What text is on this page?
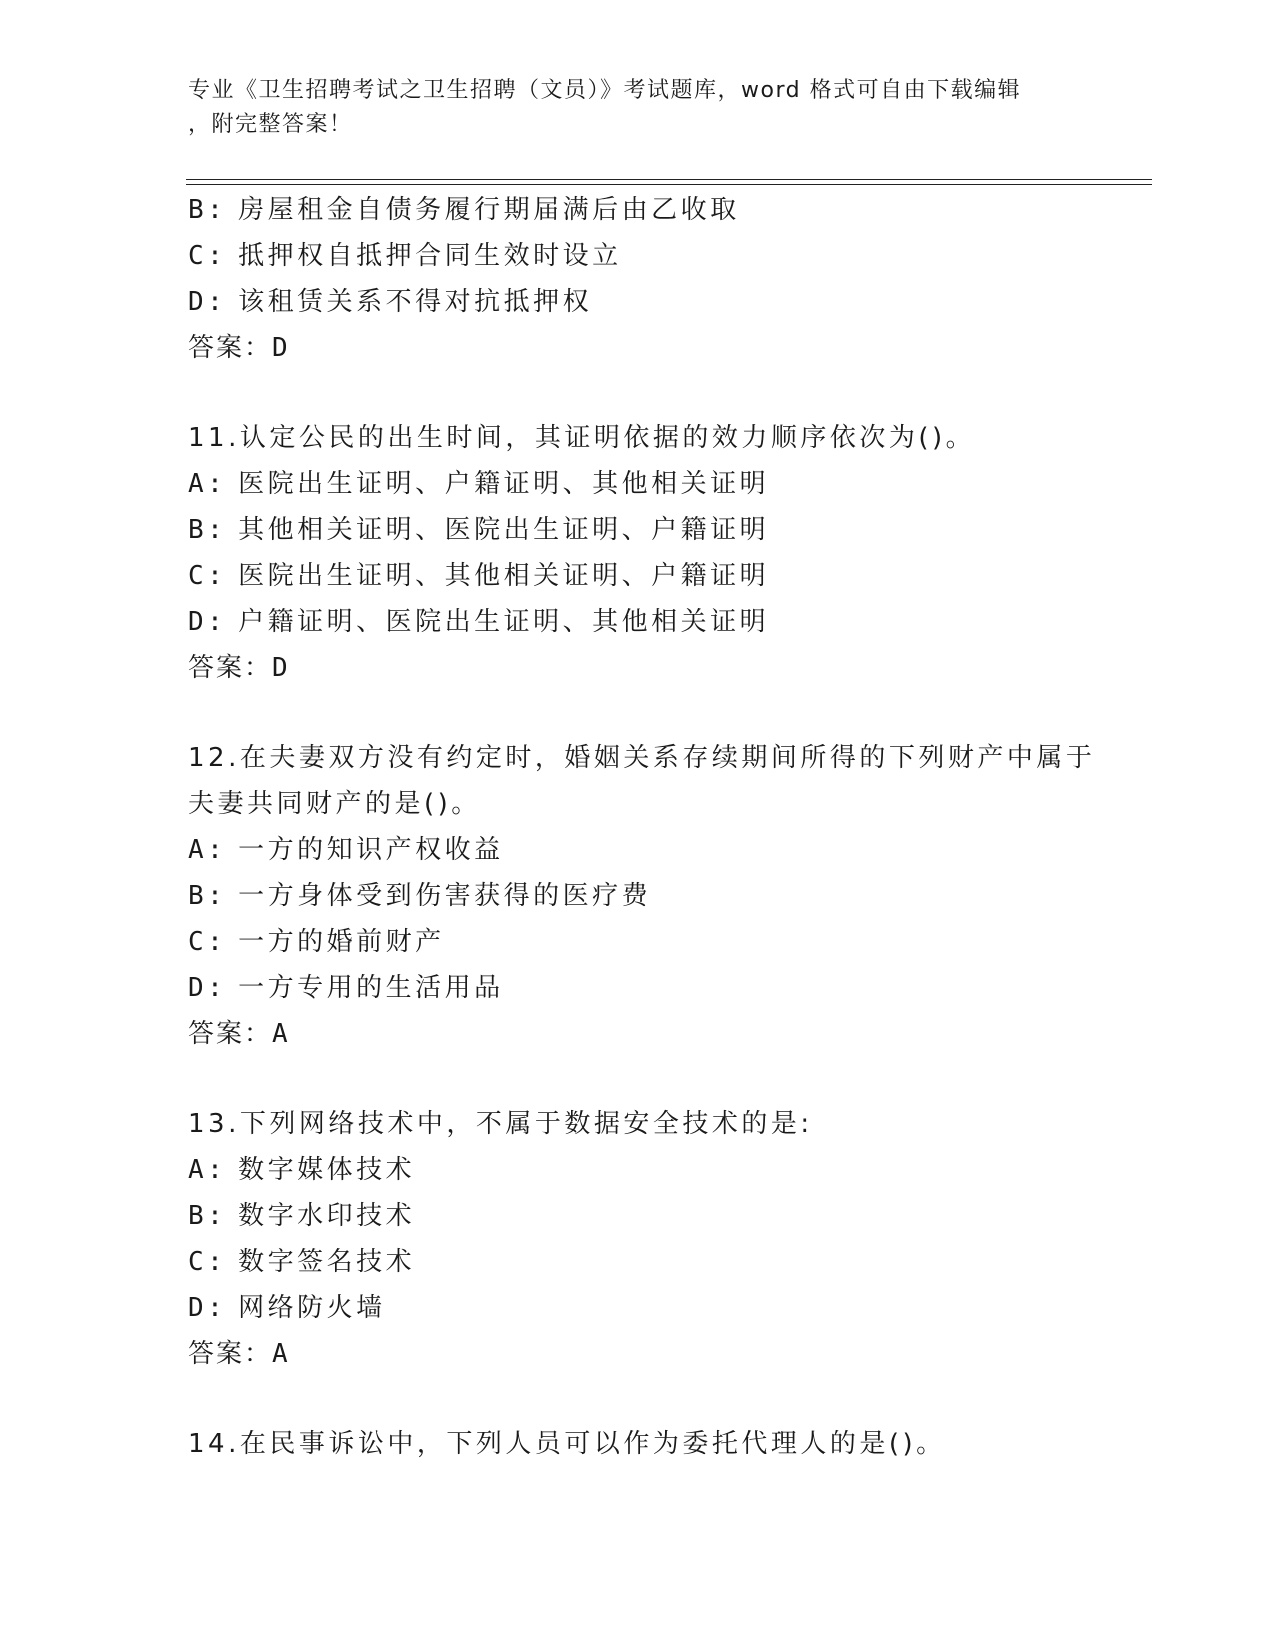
专业《卫生招聘考试之卫生招聘（文员）》考试题库，word 格式可自由下载编辑
，附完整答案！
B: 房屋租金自债务履行期届满后由乙收取
C: 抵押权自抵押合同生效时设立
D: 该租赁关系不得对抗抵押权
答案：D
11.认定公民的出生时间，其证明依据的效力顺序依次为()。
A: 医院出生证明、户籍证明、其他相关证明
B: 其他相关证明、医院出生证明、户籍证明
C: 医院出生证明、其他相关证明、户籍证明
D: 户籍证明、医院出生证明、其他相关证明
答案：D
12.在夫妻双方没有约定时，婚姻关系存续期间所得的下列财产中属于
夫妻共同财产的是()。
A: 一方的知识产权收益
B: 一方身体受到伤害获得的医疗费
C: 一方的婚前财产
D: 一方专用的生活用品
答案：A
13.下列网络技术中，不属于数据安全技术的是:
A: 数字媒体技术
B: 数字水印技术
C: 数字签名技术
D: 网络防火墙
答案：A
14.在民事诉讼中，下列人员可以作为委托代理人的是()。
